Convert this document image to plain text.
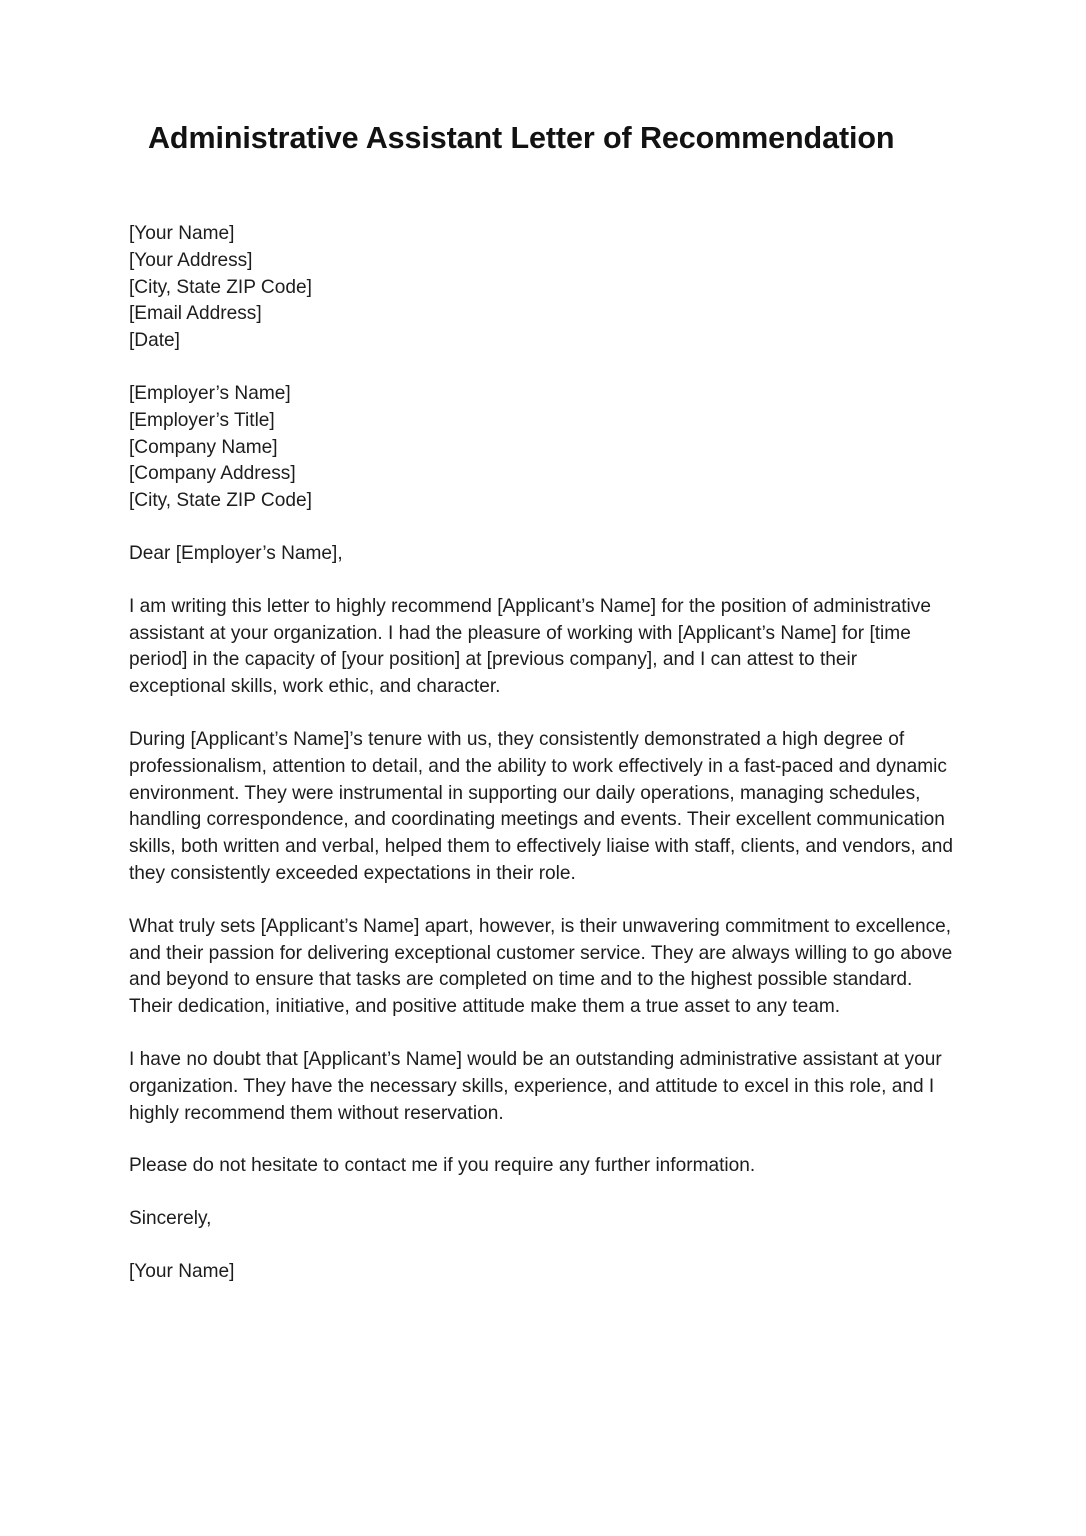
Administrative Assistant Letter of Recommendation
[Your Name]
[Your Address]
[City, State ZIP Code]
[Email Address]
[Date]
[Employer’s Name]
[Employer’s Title]
[Company Name]
[Company Address]
[City, State ZIP Code]
Dear [Employer’s Name],

I am writing this letter to highly recommend [Applicant’s Name] for the position of administrative assistant at your organization. I had the pleasure of working with [Applicant’s Name] for [time period] in the capacity of [your position] at [previous company], and I can attest to their exceptional skills, work ethic, and character.

During [Applicant’s Name]’s tenure with us, they consistently demonstrated a high degree of professionalism, attention to detail, and the ability to work effectively in a fast-paced and dynamic environment. They were instrumental in supporting our daily operations, managing schedules, handling correspondence, and coordinating meetings and events. Their excellent communication skills, both written and verbal, helped them to effectively liaise with staff, clients, and vendors, and they consistently exceeded expectations in their role.

What truly sets [Applicant’s Name] apart, however, is their unwavering commitment to excellence, and their passion for delivering exceptional customer service. They are always willing to go above and beyond to ensure that tasks are completed on time and to the highest possible standard. Their dedication, initiative, and positive attitude make them a true asset to any team.

I have no doubt that [Applicant’s Name] would be an outstanding administrative assistant at your organization. They have the necessary skills, experience, and attitude to excel in this role, and I highly recommend them without reservation.

Please do not hesitate to contact me if you require any further information.

Sincerely,
[Your Name]
